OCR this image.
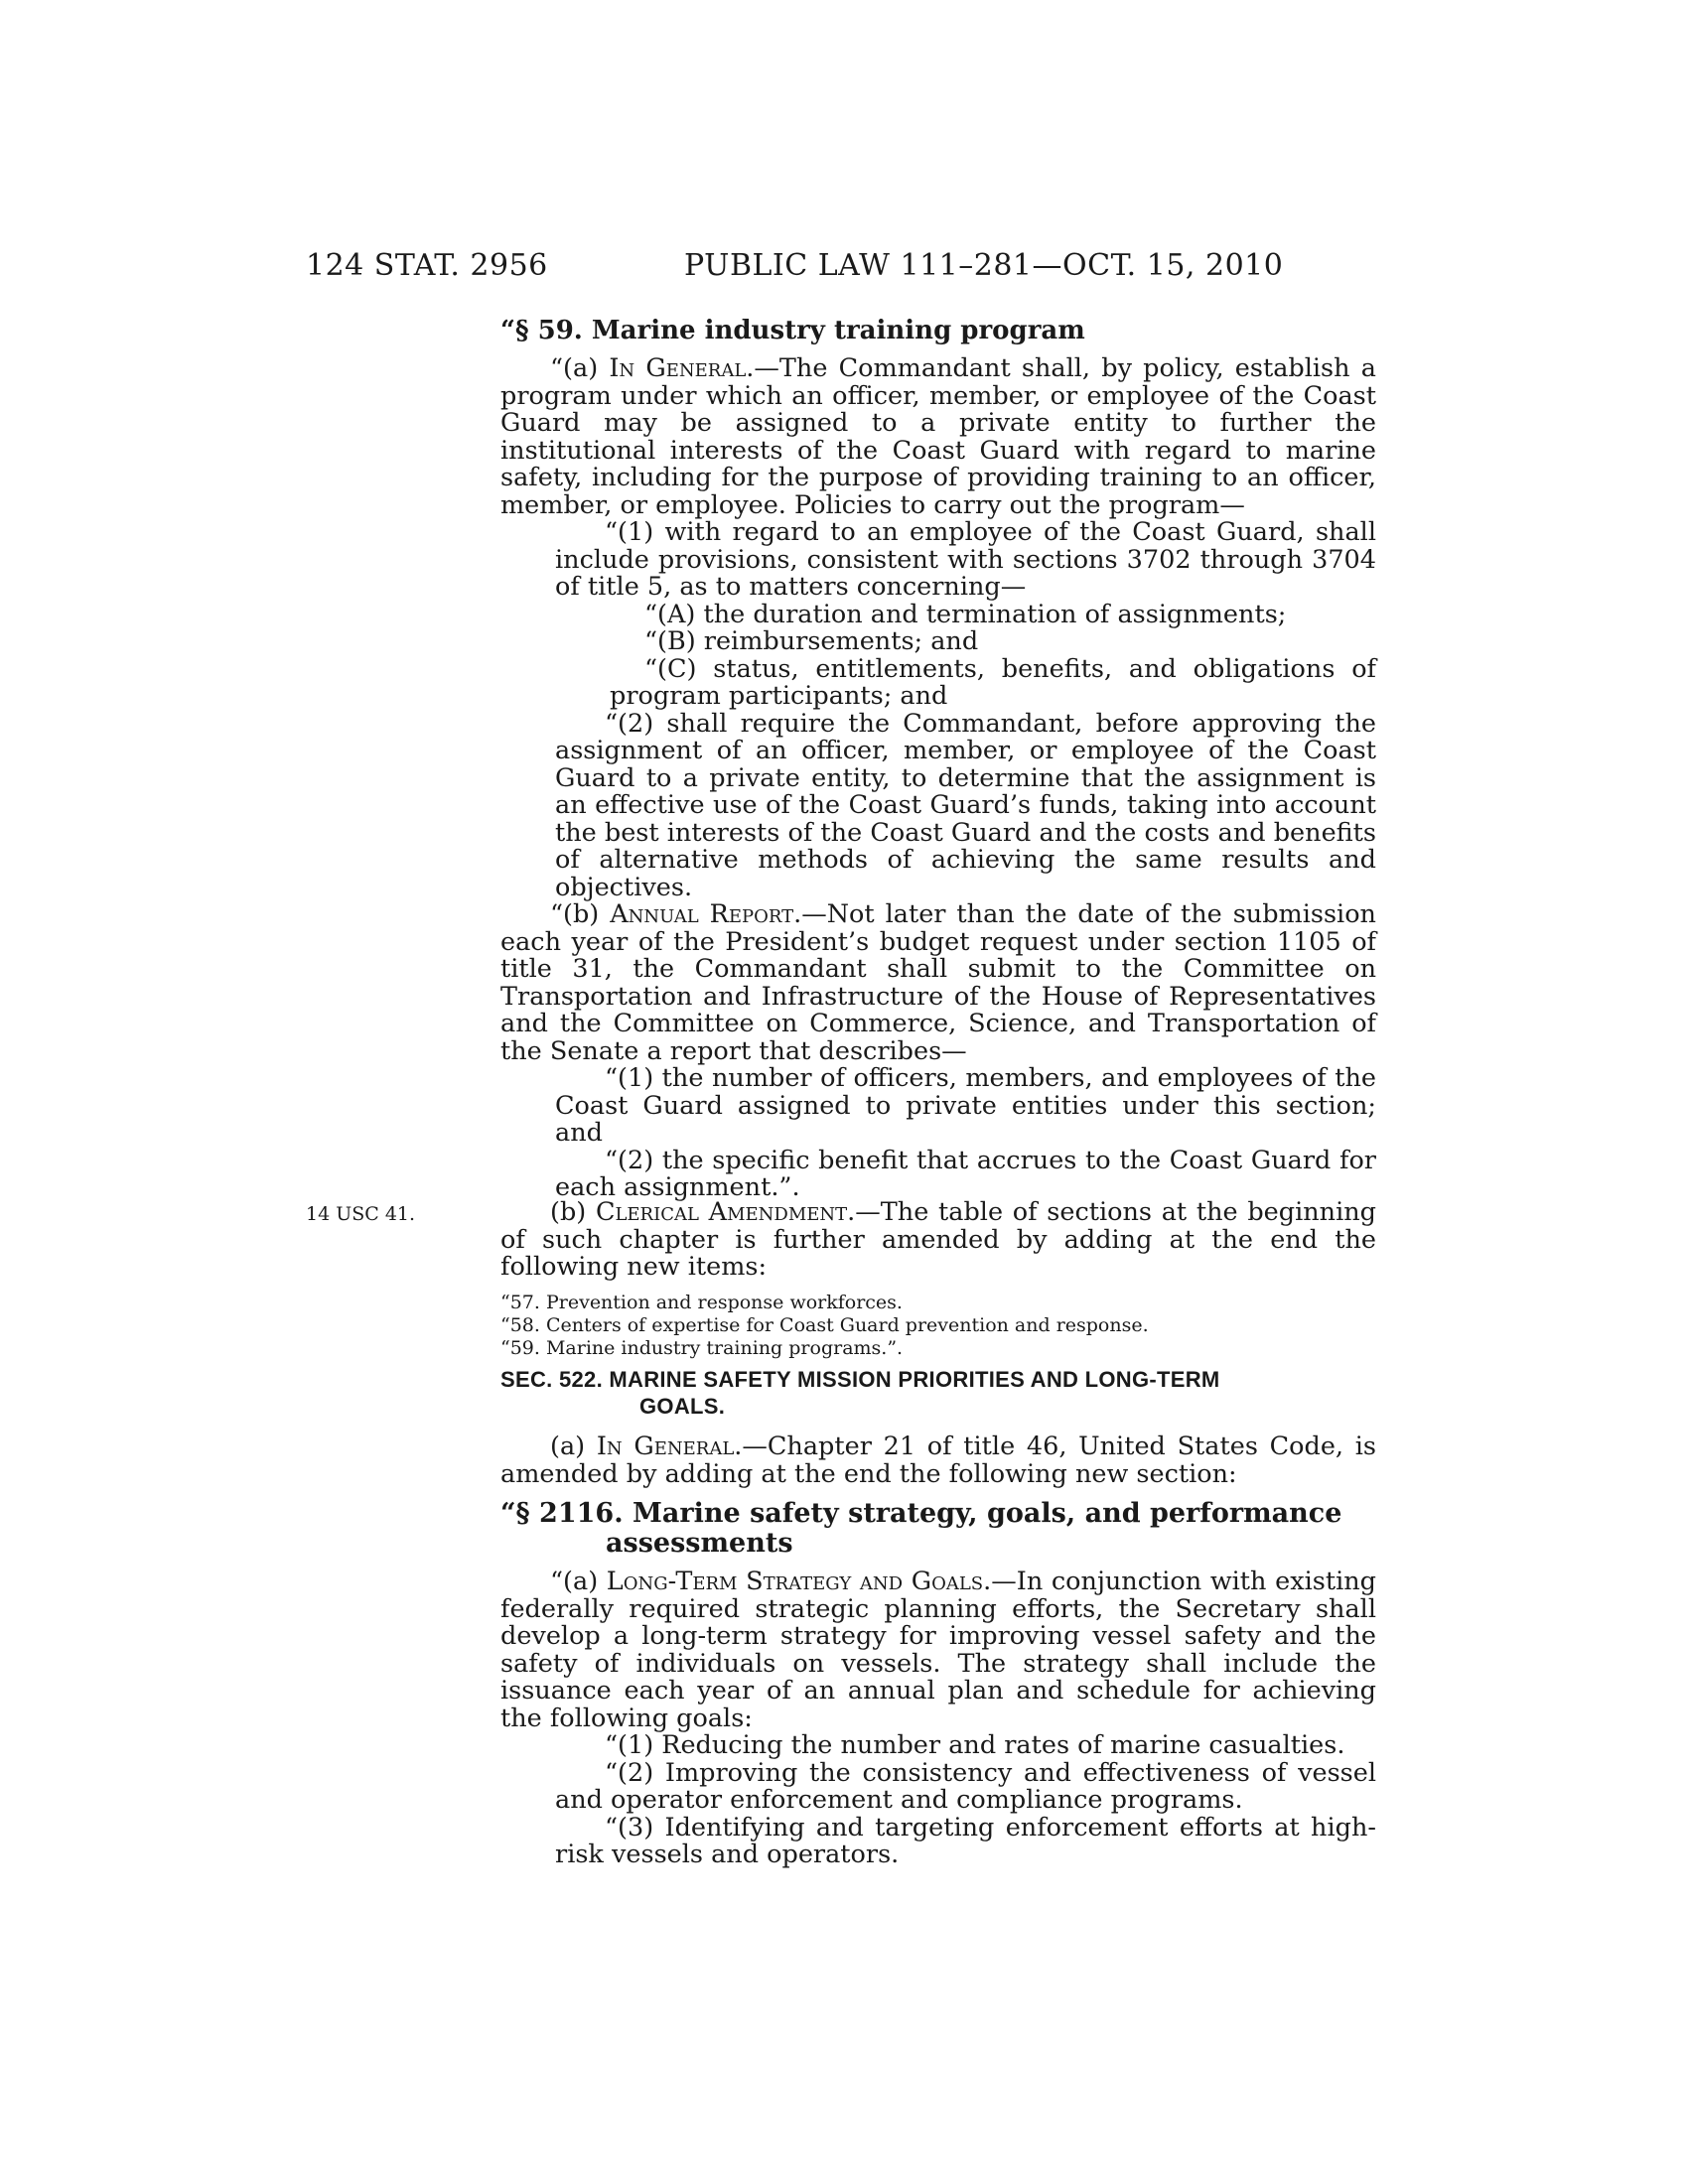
124 STAT. 2956	PUBLIC LAW 111–281—OCT. 15, 2010
14 USC 41.

“§ 59. Marine industry training program

“(a) In General.—The Commandant shall, by policy, establish a program under which an officer, member, or employee of the Coast Guard may be assigned to a private entity to further the institutional interests of the Coast Guard with regard to marine safety, including for the purpose of providing training to an officer, member, or employee. Policies to carry out the program—

“(1) with regard to an employee of the Coast Guard, shall include provisions, consistent with sections 3702 through 3704 of title 5, as to matters concerning—

“(A) the duration and termination of assignments;

“(B) reimbursements; and

“(C) status, entitlements, benefits, and obligations of program participants; and

“(2) shall require the Commandant, before approving the assignment of an officer, member, or employee of the Coast Guard to a private entity, to determine that the assignment is an effective use of the Coast Guard’s funds, taking into account the best interests of the Coast Guard and the costs and benefits of alternative methods of achieving the same results and objectives.

“(b) Annual Report.—Not later than the date of the submission each year of the President’s budget request under section 1105 of title 31, the Commandant shall submit to the Committee on Transportation and Infrastructure of the House of Representatives and the Committee on Commerce, Science, and Transportation of the Senate a report that describes—

“(1) the number of officers, members, and employees of the Coast Guard assigned to private entities under this section; and

“(2) the specific benefit that accrues to the Coast Guard for each assignment.”.

(b) Clerical Amendment.—The table of sections at the beginning of such chapter is further amended by adding at the end the following new items:

“57. Prevention and response workforces.

“58. Centers of expertise for Coast Guard prevention and response.

“59. Marine industry training programs.”.

SEC. 522. MARINE SAFETY MISSION PRIORITIES AND LONG-TERM

GOALS.

(a) In General.—Chapter 21 of title 46, United States Code, is amended by adding at the end the following new section:

“§ 2116. Marine safety strategy, goals, and performance

assessments

“(a) Long-Term Strategy and Goals.—In conjunction with existing federally required strategic planning efforts, the Secretary shall develop a long-term strategy for improving vessel safety and the safety of individuals on vessels. The strategy shall include the issuance each year of an annual plan and schedule for achieving the following goals:

“(1) Reducing the number and rates of marine casualties.

“(2) Improving the consistency and effectiveness of vessel and operator enforcement and compliance programs.

“(3) Identifying and targeting enforcement efforts at high-risk vessels and operators.
